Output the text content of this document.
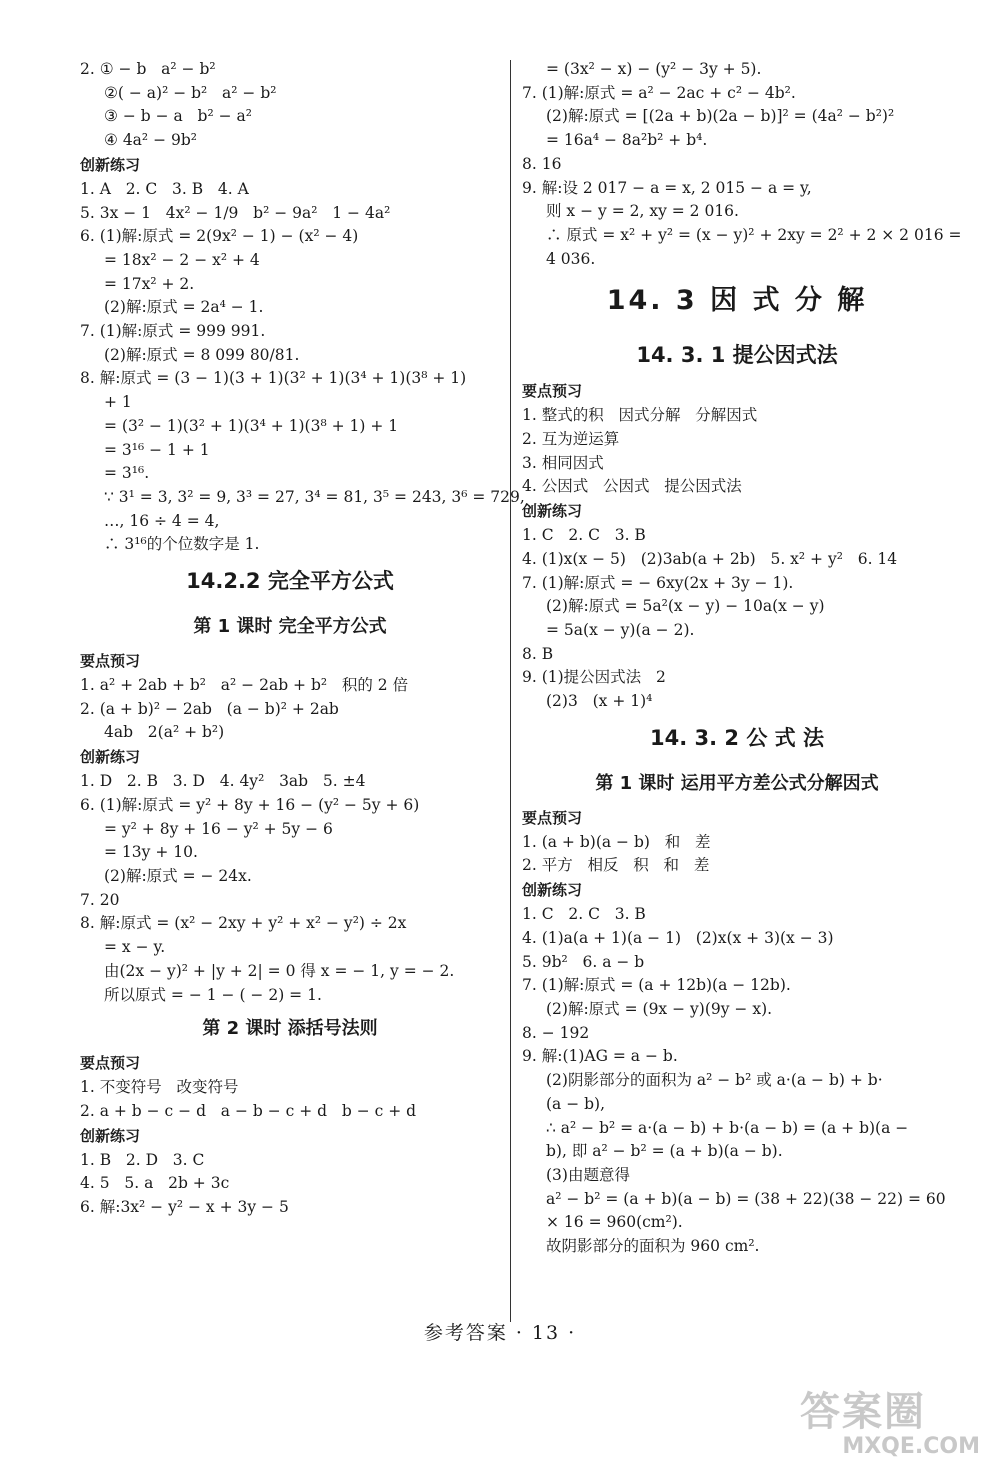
2. ① − b   a² − b²
②( − a)² − b²   a² − b²
③ − b − a   b² − a²
④ 4a² − 9b²
创新练习
1. A   2. C   3. B   4. A
5. 3x − 1   4x² − 1/9   b² − 9a²   1 − 4a²
6. (1)解:原式 = 2(9x² − 1) − (x² − 4)
= 18x² − 2 − x² + 4
= 17x² + 2.
(2)解:原式 = 2a⁴ − 1.
7. (1)解:原式 = 999 991.
(2)解:原式 = 8 099 80/81.
8. 解:原式 = (3 − 1)(3 + 1)(3² + 1)(3⁴ + 1)(3⁸ + 1)
+ 1
= (3² − 1)(3² + 1)(3⁴ + 1)(3⁸ + 1) + 1
= 3¹⁶ − 1 + 1
= 3¹⁶.
∵ 3¹ = 3, 3² = 9, 3³ = 27, 3⁴ = 81, 3⁵ = 243, 3⁶ = 729,
…, 16 ÷ 4 = 4,
∴ 3¹⁶的个位数字是 1.
14.2.2 完全平方公式
第 1 课时 完全平方公式
要点预习
1. a² + 2ab + b²   a² − 2ab + b²   积的 2 倍
2. (a + b)² − 2ab   (a − b)² + 2ab
4ab   2(a² + b²)
创新练习
1. D   2. B   3. D   4. 4y²   3ab   5. ±4
6. (1)解:原式 = y² + 8y + 16 − (y² − 5y + 6)
= y² + 8y + 16 − y² + 5y − 6
= 13y + 10.
(2)解:原式 = − 24x.
7. 20
8. 解:原式 = (x² − 2xy + y² + x² − y²) ÷ 2x
= x − y.
由(2x − y)² + |y + 2| = 0 得 x = − 1, y = − 2.
所以原式 = − 1 − ( − 2) = 1.
第 2 课时 添括号法则
要点预习
1. 不变符号   改变符号
2. a + b − c − d   a − b − c + d   b − c + d
创新练习
1. B   2. D   3. C
4. 5   5. a   2b + 3c
6. 解:3x² − y² − x + 3y − 5
= (3x² − x) − (y² − 3y + 5).
7. (1)解:原式 = a² − 2ac + c² − 4b².
(2)解:原式 = [(2a + b)(2a − b)]² = (4a² − b²)²
= 16a⁴ − 8a²b² + b⁴.
8. 16
9. 解:设 2 017 − a = x, 2 015 − a = y,
则 x − y = 2, xy = 2 016.
∴ 原式 = x² + y² = (x − y)² + 2xy = 2² + 2 × 2 016 =
4 036.
14. 3 因 式 分 解
14. 3. 1 提公因式法
要点预习
1. 整式的积   因式分解   分解因式
2. 互为逆运算
3. 相同因式
4. 公因式   公因式   提公因式法
创新练习
1. C   2. C   3. B
4. (1)x(x − 5)   (2)3ab(a + 2b)   5. x² + y²   6. 14
7. (1)解:原式 = − 6xy(2x + 3y − 1).
(2)解:原式 = 5a²(x − y) − 10a(x − y)
= 5a(x − y)(a − 2).
8. B
9. (1)提公因式法   2
(2)3   (x + 1)⁴
14. 3. 2 公 式 法
第 1 课时 运用平方差公式分解因式
要点预习
1. (a + b)(a − b)   和   差
2. 平方   相反   积   和   差
创新练习
1. C   2. C   3. B
4. (1)a(a + 1)(a − 1)   (2)x(x + 3)(x − 3)
5. 9b²   6. a − b
7. (1)解:原式 = (a + 12b)(a − 12b).
(2)解:原式 = (9x − y)(9y − x).
8. − 192
9. 解:(1)AG = a − b.
(2)阴影部分的面积为 a² − b² 或 a·(a − b) + b·
(a − b),
∴ a² − b² = a·(a − b) + b·(a − b) = (a + b)(a −
b), 即 a² − b² = (a + b)(a − b).
(3)由题意得
a² − b² = (a + b)(a − b) = (38 + 22)(38 − 22) = 60
× 16 = 960(cm²).
故阴影部分的面积为 960 cm².
参考答案 · 13 ·
答案圈
MXQE.COM
